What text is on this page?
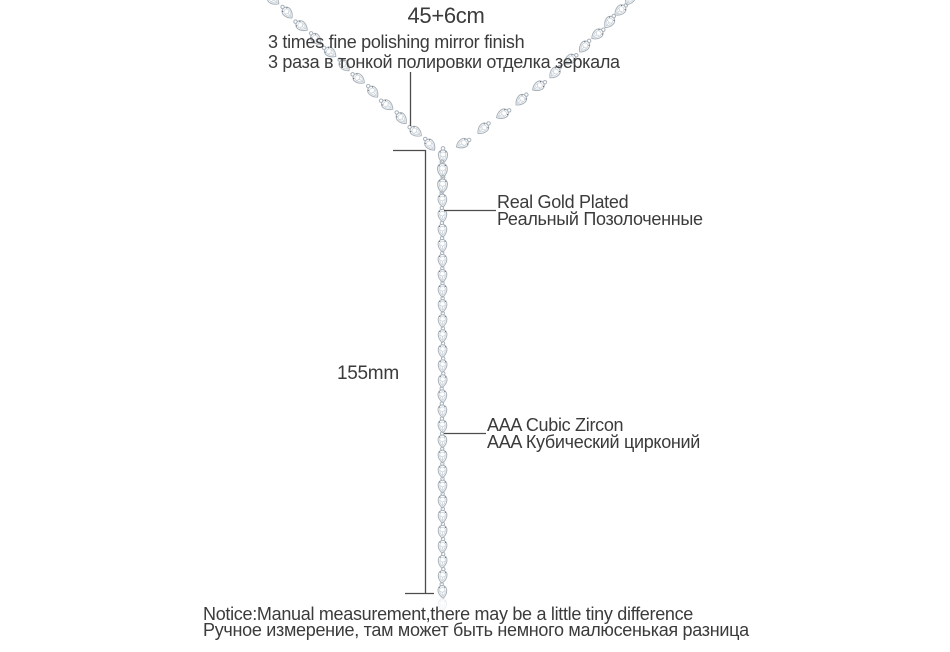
45+6cm
3 times fine polishing mirror finish
3 раза в тонкой полировки отделка зеркала
Real Gold Plated
Реальный Позолоченные
155mm
AAA Cubic Zircon
AAA Кубический цирконий
Notice:Manual measurement,there may be a little tiny difference
Ручное измерение, там может быть немного малюсенькая разница
